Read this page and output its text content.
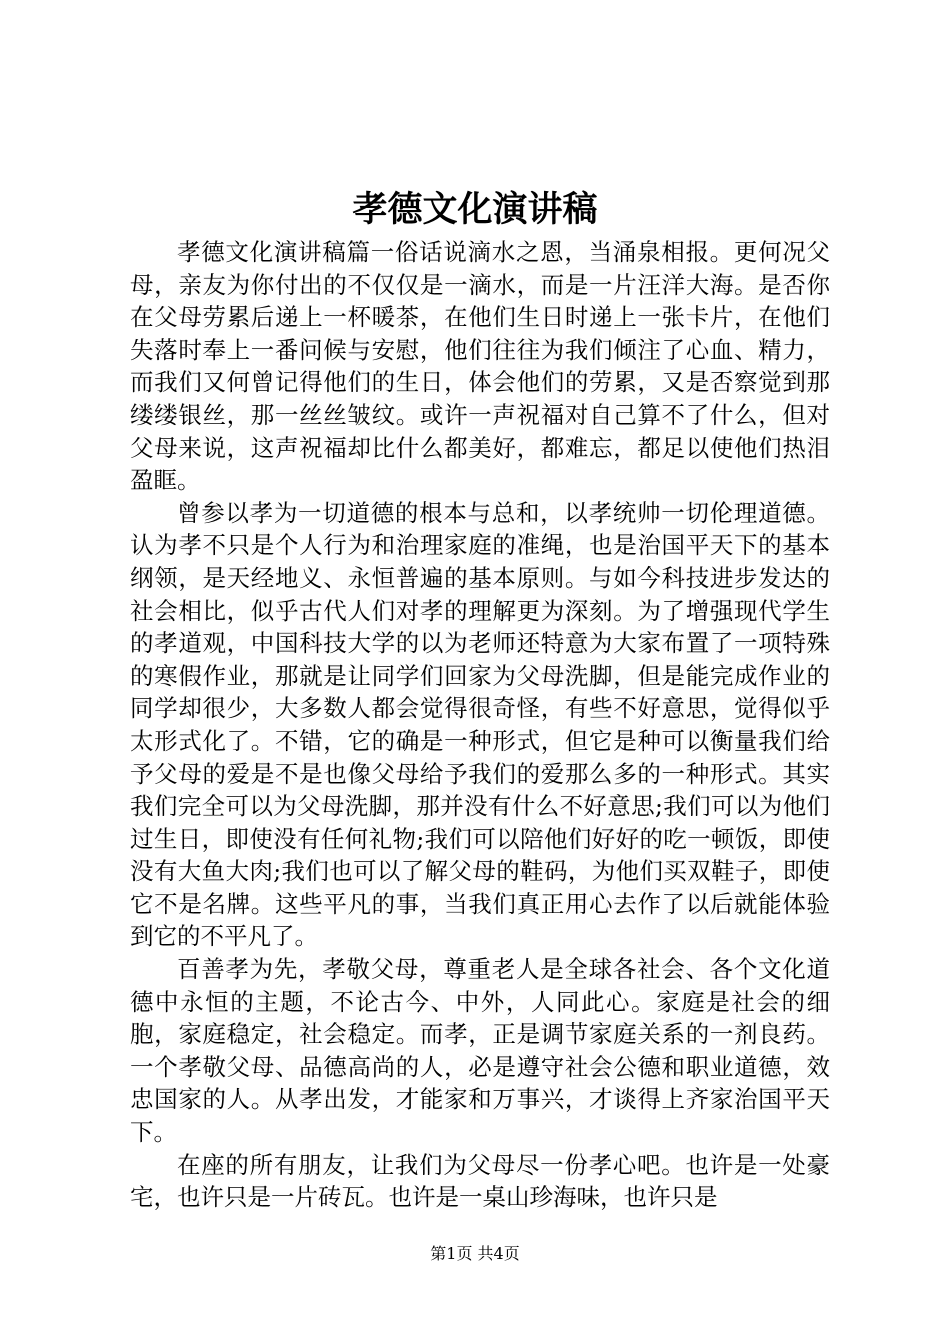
孝德文化演讲稿

孝德文化演讲稿篇一俗话说滴水之恩，当涌泉相报。更何况父母，亲友为你付出的不仅仅是一滴水，而是一片汪洋大海。是否你在父母劳累后递上一杯暖茶，在他们生日时递上一张卡片，在他们失落时奉上一番问候与安慰，他们往往为我们倾注了心血、精力，而我们又何曾记得他们的生日，体会他们的劳累，又是否察觉到那缕缕银丝，那一丝丝皱纹。或许一声祝福对自己算不了什么，但对父母来说，这声祝福却比什么都美好，都难忘，都足以使他们热泪盈眶。

曾参以孝为一切道德的根本与总和，以孝统帅一切伦理道德。认为孝不只是个人行为和治理家庭的准绳，也是治国平天下的基本纲领，是天经地义、永恒普遍的基本原则。与如今科技进步发达的社会相比，似乎古代人们对孝的理解更为深刻。为了增强现代学生的孝道观，中国科技大学的以为老师还特意为大家布置了一项特殊的寒假作业，那就是让同学们回家为父母洗脚，但是能完成作业的同学却很少，大多数人都会觉得很奇怪，有些不好意思，觉得似乎太形式化了。不错，它的确是一种形式，但它是种可以衡量我们给予父母的爱是不是也像父母给予我们的爱那么多的一种形式。其实我们完全可以为父母洗脚，那并没有什么不好意思;我们可以为他们过生日，即使没有任何礼物;我们可以陪他们好好的吃一顿饭，即使没有大鱼大肉;我们也可以了解父母的鞋码，为他们买双鞋子，即使它不是名牌。这些平凡的事，当我们真正用心去作了以后就能体验到它的不平凡了。

百善孝为先，孝敬父母，尊重老人是全球各社会、各个文化道德中永恒的主题，不论古今、中外，人同此心。家庭是社会的细胞，家庭稳定，社会稳定。而孝，正是调节家庭关系的一剂良药。一个孝敬父母、品德高尚的人，必是遵守社会公德和职业道德，效忠国家的人。从孝出发，才能家和万事兴，才谈得上齐家治国平天下。

在座的所有朋友，让我们为父母尽一份孝心吧。也许是一处豪宅，也许只是一片砖瓦。也许是一桌山珍海味，也许只是

第1页 共4页
